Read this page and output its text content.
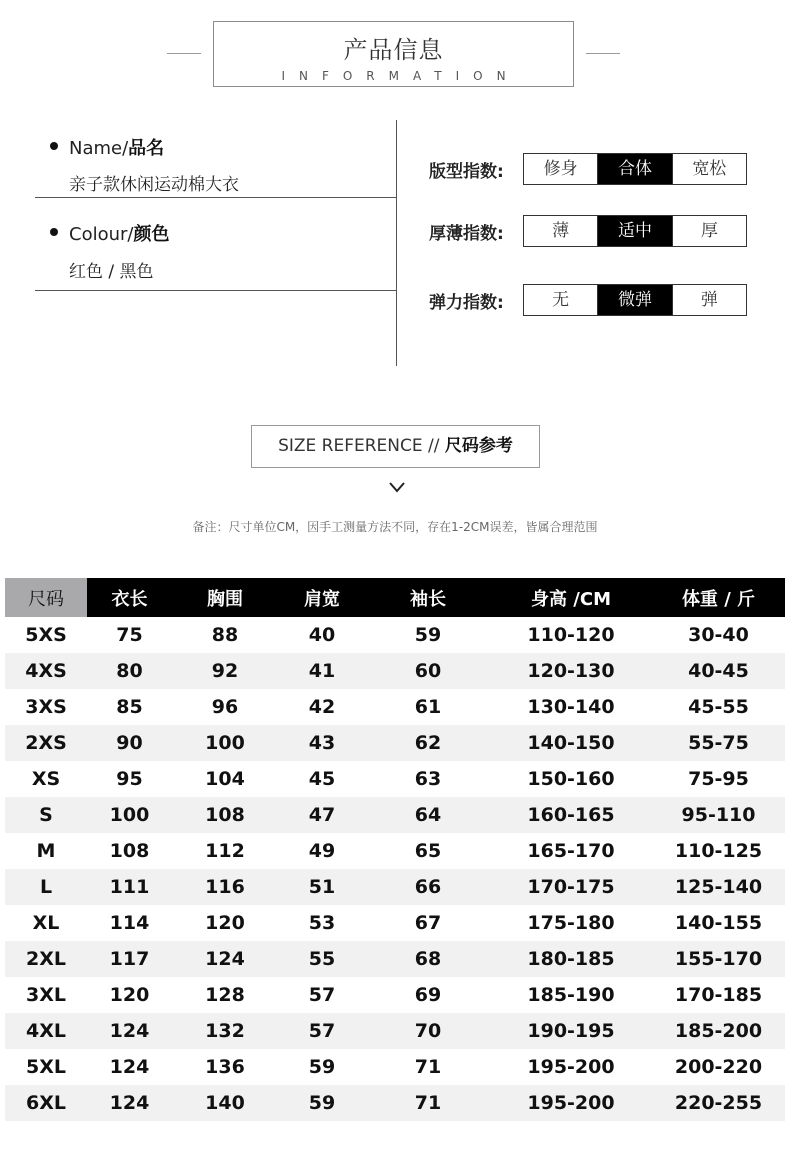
产品信息
INFORMATION
Name/品名
亲子款休闲运动棉大衣
Colour/颜色
红色 / 黑色
版型指数:	修身	合体	宽松
厚薄指数:	薄	适中	厚
弹力指数:	无	微弹	弹
SIZE REFERENCE // 尺码参考
备注：尺寸单位CM，因手工测量方法不同，存在1-2CM误差，皆属合理范围
尺码	衣长	胸围	肩宽	袖长	身高 /CM	体重 / 斤
5XS	75	88	40	59	110-120	30-40
4XS	80	92	41	60	120-130	40-45
3XS	85	96	42	61	130-140	45-55
2XS	90	100	43	62	140-150	55-75
XS	95	104	45	63	150-160	75-95
S	100	108	47	64	160-165	95-110
M	108	112	49	65	165-170	110-125
L	111	116	51	66	170-175	125-140
XL	114	120	53	67	175-180	140-155
2XL	117	124	55	68	180-185	155-170
3XL	120	128	57	69	185-190	170-185
4XL	124	132	57	70	190-195	185-200
5XL	124	136	59	71	195-200	200-220
6XL	124	140	59	71	195-200	220-255
